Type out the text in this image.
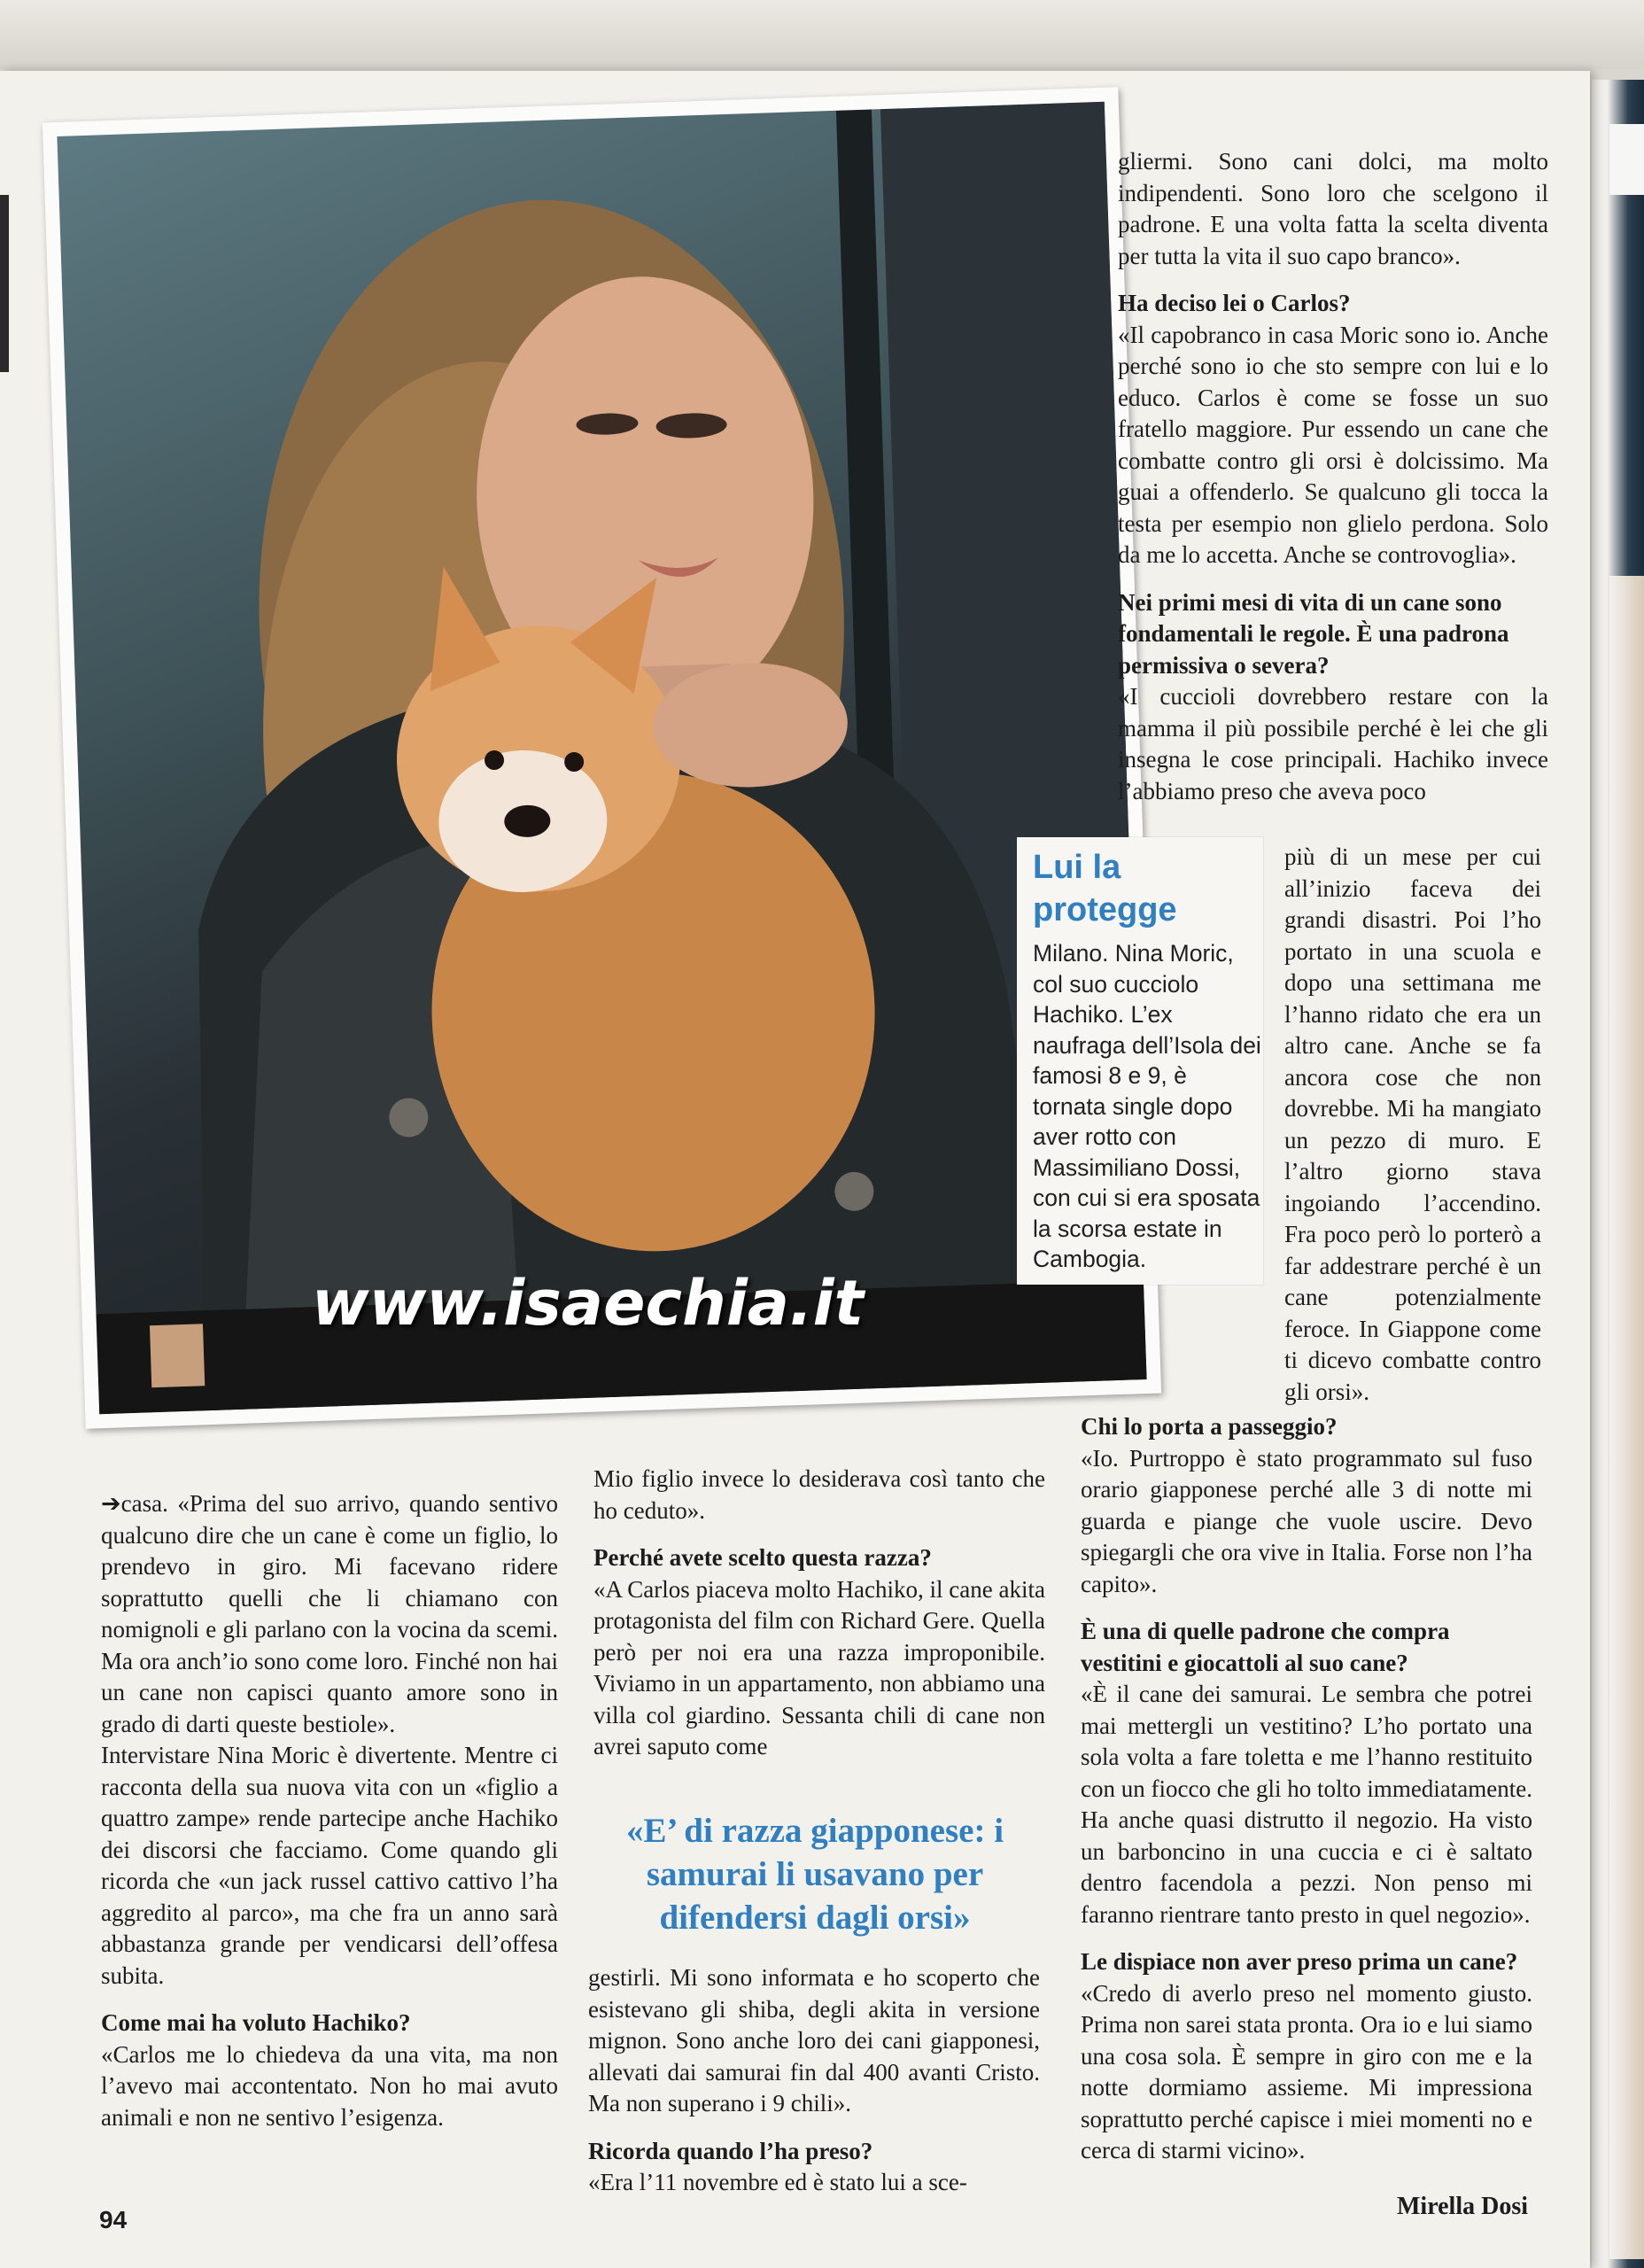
www.isaechia.it
Lui la protegge
Milano. Nina Moric, col suo cucciolo Hachiko. L’ex naufraga dell’Isola dei famosi 8 e 9, è tornata single dopo aver rotto con Massimiliano Dossi, con cui si era sposata la scorsa estate in Cambogia.

gliermi. Sono cani dolci, ma molto indipendenti. Sono loro che scelgono il padrone. E una volta fatta la scelta diventa per tutta la vita il suo capo branco».

Ha deciso lei o Carlos?

«Il capobranco in casa Moric sono io. Anche perché sono io che sto sempre con lui e lo educo. Carlos è come se fosse un suo fratello maggiore. Pur essendo un cane che combatte contro gli orsi è dolcissimo. Ma guai a offenderlo. Se qualcuno gli tocca la testa per esempio non glielo perdona. Solo da me lo accetta. Anche se controvoglia».

Nei primi mesi di vita di un cane sono fondamentali le regole. È una padrona permissiva o severa?

«I cuccioli dovrebbero restare con la mamma il più possibile perché è lei che gli insegna le cose principali. Hachiko invece l’abbiamo preso che aveva poco

più di un mese per cui all’inizio faceva dei grandi disastri. Poi l’ho portato in una scuola e dopo una settimana me l’hanno ridato che era un altro cane. Anche se fa ancora cose che non dovrebbe. Mi ha mangiato un pezzo di muro. E l’altro giorno stava ingoiando l’accendino. Fra poco però lo porterò a far addestrare perché è un cane potenzialmente feroce. In Giappone come ti dicevo combatte contro gli orsi».

Chi lo porta a passeggio?

«Io. Purtroppo è stato programmato sul fuso orario giapponese perché alle 3 di notte mi guarda e piange che vuole uscire. Devo spiegargli che ora vive in Italia. Forse non l’ha capito».

È una di quelle padrone che compra vestitini e giocattoli al suo cane?

«È il cane dei samurai. Le sembra che potrei mai mettergli un vestitino? L’ho portato una sola volta a fare toletta e me l’hanno restituito con un fiocco che gli ho tolto immediatamente. Ha anche quasi distrutto il negozio. Ha visto un barboncino in una cuccia e ci è saltato dentro facendola a pezzi. Non penso mi faranno rientrare tanto presto in quel negozio».

Le dispiace non aver preso prima un cane?

«Credo di averlo preso nel momento giusto. Prima non sarei stata pronta. Ora io e lui siamo una cosa sola. È sempre in giro con me e la notte dormiamo assieme. Mi impressiona soprattutto perché capisce i miei momenti no e cerca di starmi vicino».

➔casa. «Prima del suo arrivo, quando sentivo qualcuno dire che un cane è come un figlio, lo prendevo in giro. Mi facevano ridere soprattutto quelli che li chiamano con nomignoli e gli parlano con la vocina da scemi. Ma ora anch’io sono come loro. Finché non hai un cane non capisci quanto amore sono in grado di darti queste bestiole».

Intervistare Nina Moric è divertente. Mentre ci racconta della sua nuova vita con un «figlio a quattro zampe» rende partecipe anche Hachiko dei discorsi che facciamo. Come quando gli ricorda che «un jack russel cattivo cattivo l’ha aggredito al parco», ma che fra un anno sarà abbastanza grande per vendicarsi dell’offesa subita.

Come mai ha voluto Hachiko?

«Carlos me lo chiedeva da una vita, ma non l’avevo mai accontentato. Non ho mai avuto animali e non ne sentivo l’esigenza.

Mio figlio invece lo desiderava così tanto che ho ceduto».

Perché avete scelto questa razza?

«A Carlos piaceva molto Hachiko, il cane akita protagonista del film con Richard Gere. Quella però per noi era una razza improponibile. Viviamo in un appartamento, non abbiamo una villa col giardino. Sessanta chili di cane non avrei saputo come

«E’ di razza giapponese: i samurai li usavano per difendersi dagli orsi»

gestirli. Mi sono informata e ho scoperto che esistevano gli shiba, degli akita in versione mignon. Sono anche loro dei cani giapponesi, allevati dai samurai fin dal 400 avanti Cristo. Ma non superano i 9 chili».

Ricorda quando l’ha preso?

«Era l’11 novembre ed è stato lui a sce-

94	Mirella Dosi
